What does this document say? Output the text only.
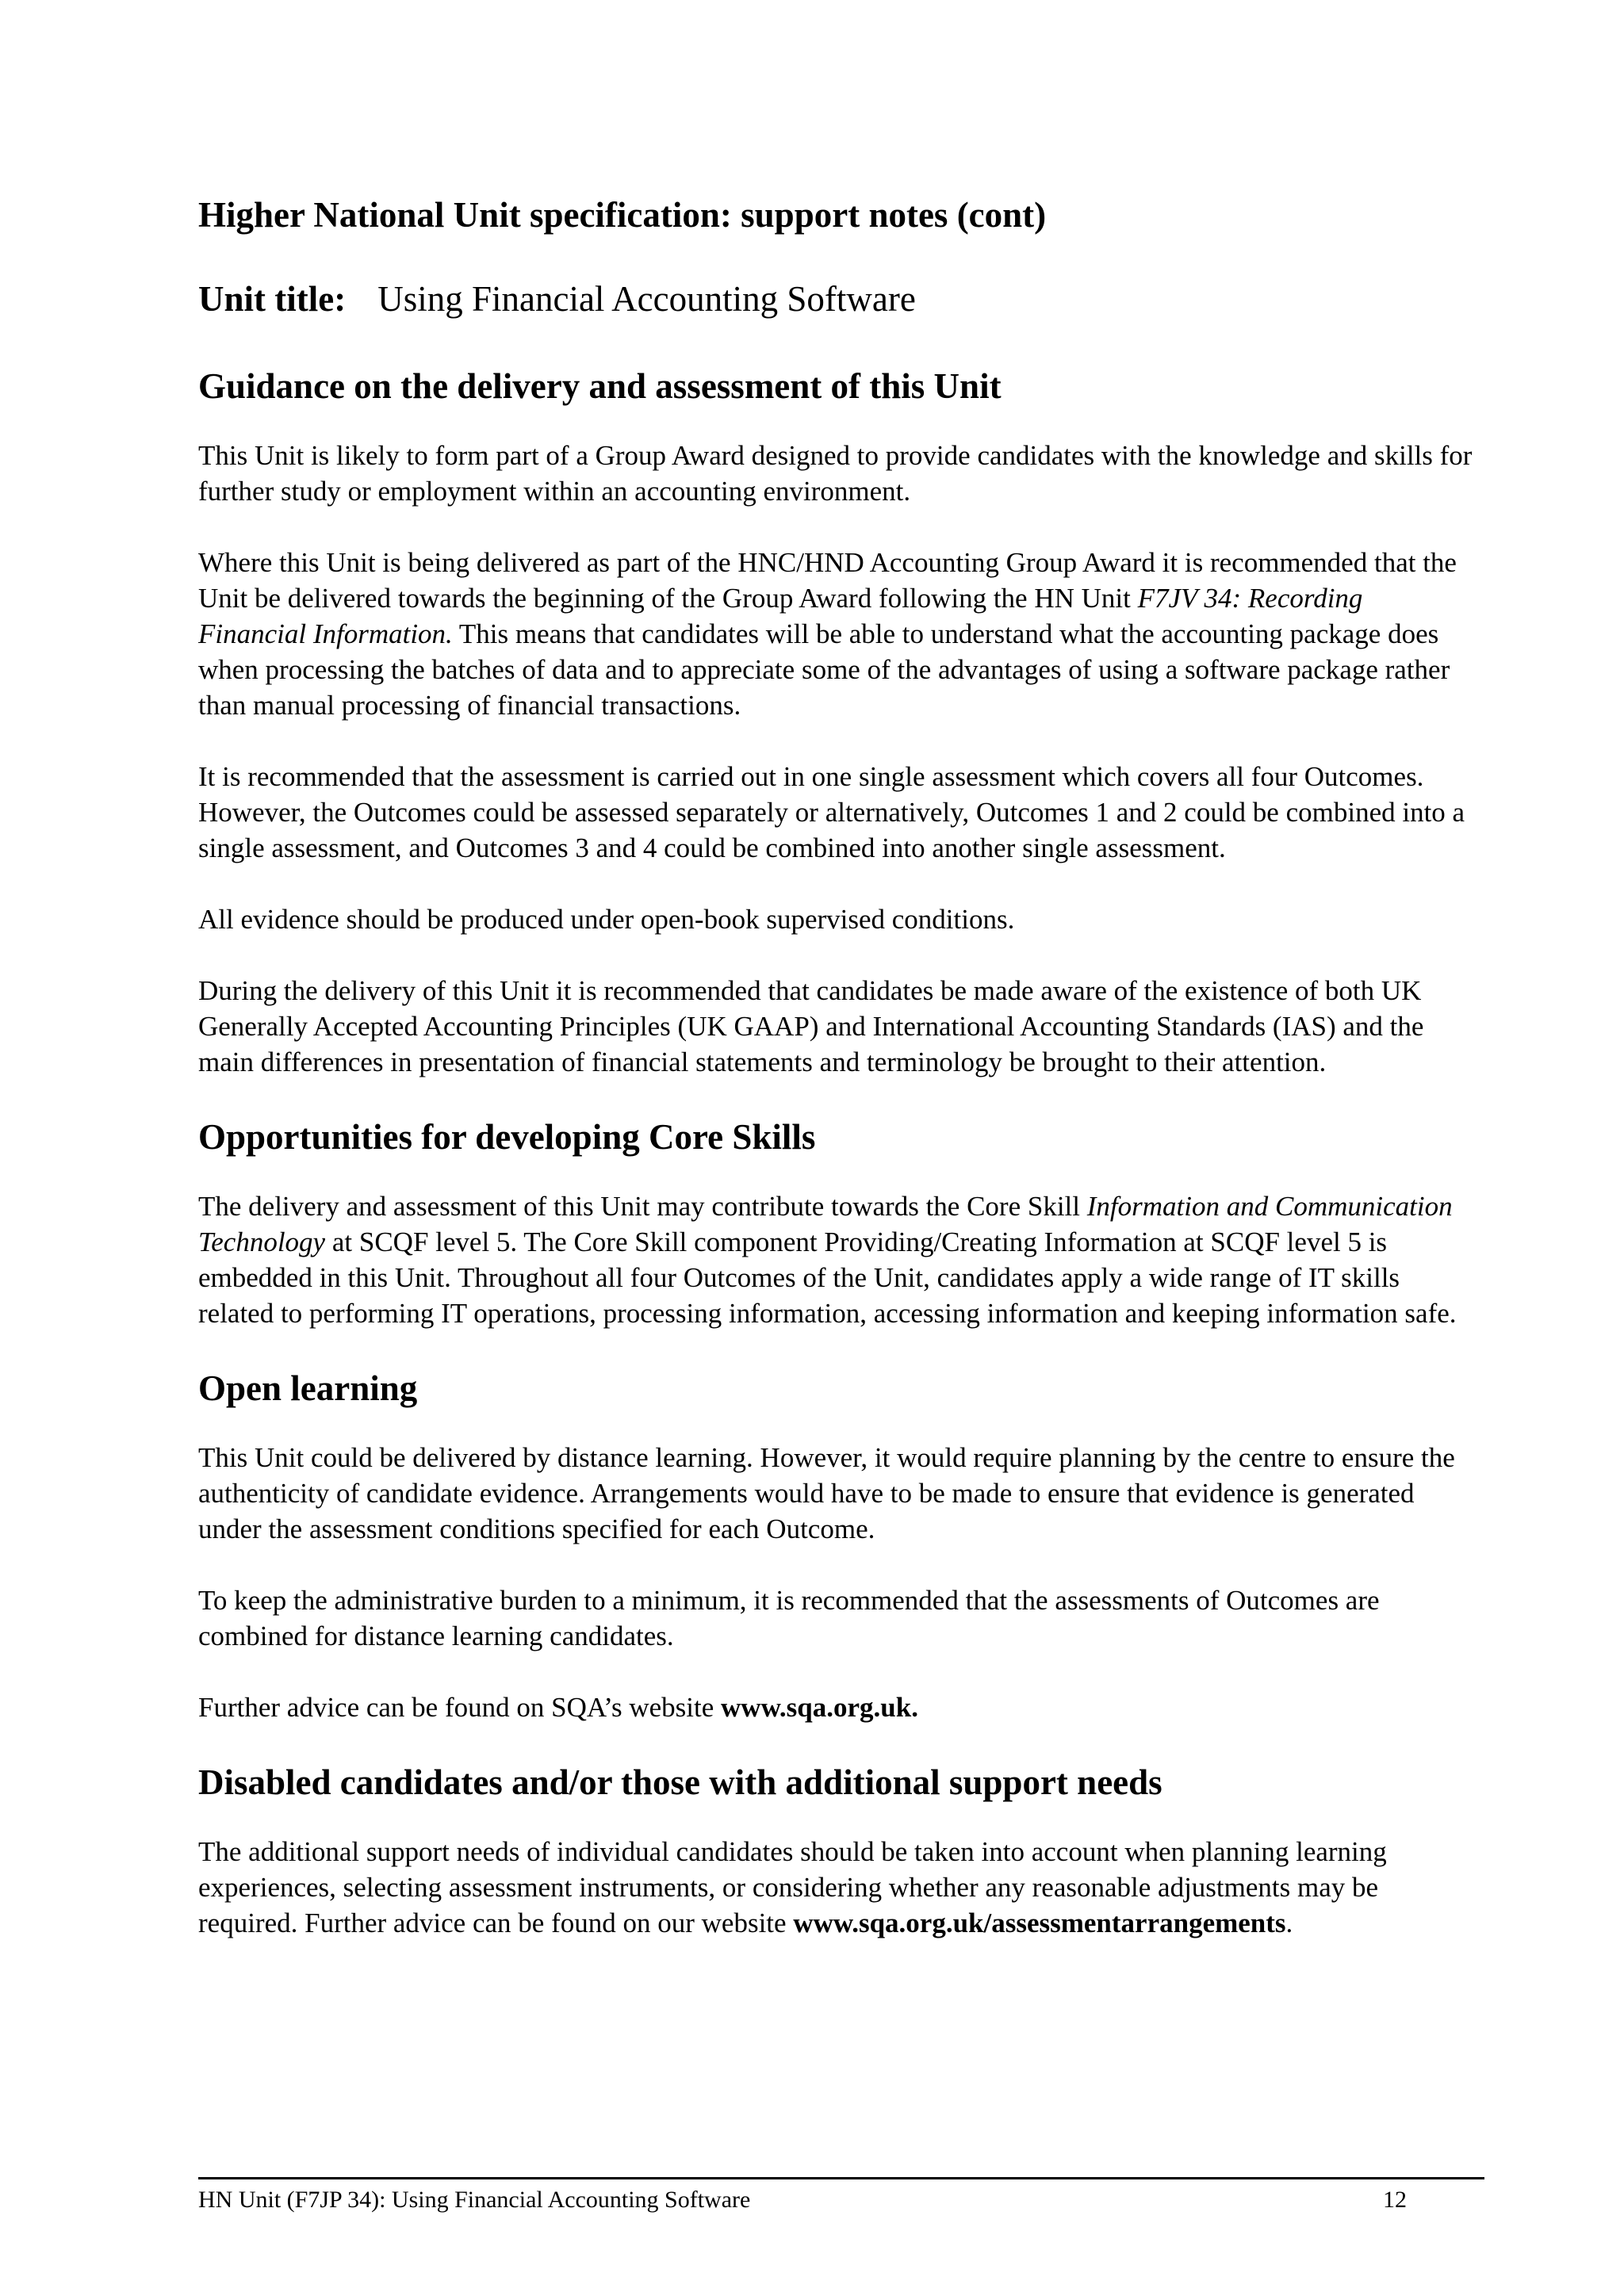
Higher National Unit specification: support notes (cont)
Unit title: Using Financial Accounting Software
Guidance on the delivery and assessment of this Unit

This Unit is likely to form part of a Group Award designed to provide candidates with the knowledge and skills for further study or employment within an accounting environment.

Where this Unit is being delivered as part of the HNC/HND Accounting Group Award it is recommended that the Unit be delivered towards the beginning of the Group Award following the HN Unit F7JV 34: Recording Financial Information. This means that candidates will be able to understand what the accounting package does when processing the batches of data and to appreciate some of the advantages of using a software package rather than manual processing of financial transactions.

It is recommended that the assessment is carried out in one single assessment which covers all four Outcomes. However, the Outcomes could be assessed separately or alternatively, Outcomes 1 and 2 could be combined into a single assessment, and Outcomes 3 and 4 could be combined into another single assessment.

All evidence should be produced under open-book supervised conditions.

During the delivery of this Unit it is recommended that candidates be made aware of the existence of both UK Generally Accepted Accounting Principles (UK GAAP) and International Accounting Standards (IAS) and the main differences in presentation of financial statements and terminology be brought to their attention.

Opportunities for developing Core Skills

The delivery and assessment of this Unit may contribute towards the Core Skill Information and Communication Technology at SCQF level 5. The Core Skill component Providing/Creating Information at SCQF level 5 is embedded in this Unit. Throughout all four Outcomes of the Unit, candidates apply a wide range of IT skills related to performing IT operations, processing information, accessing information and keeping information safe.

Open learning

This Unit could be delivered by distance learning. However, it would require planning by the centre to ensure the authenticity of candidate evidence. Arrangements would have to be made to ensure that evidence is generated under the assessment conditions specified for each Outcome.

To keep the administrative burden to a minimum, it is recommended that the assessments of Outcomes are combined for distance learning candidates.

Further advice can be found on SQA’s website www.sqa.org.uk.

Disabled candidates and/or those with additional support needs

The additional support needs of individual candidates should be taken into account when planning learning experiences, selecting assessment instruments, or considering whether any reasonable adjustments may be required. Further advice can be found on our website www.sqa.org.uk/assessmentarrangements.

HN Unit (F7JP 34): Using Financial Accounting Software	12
